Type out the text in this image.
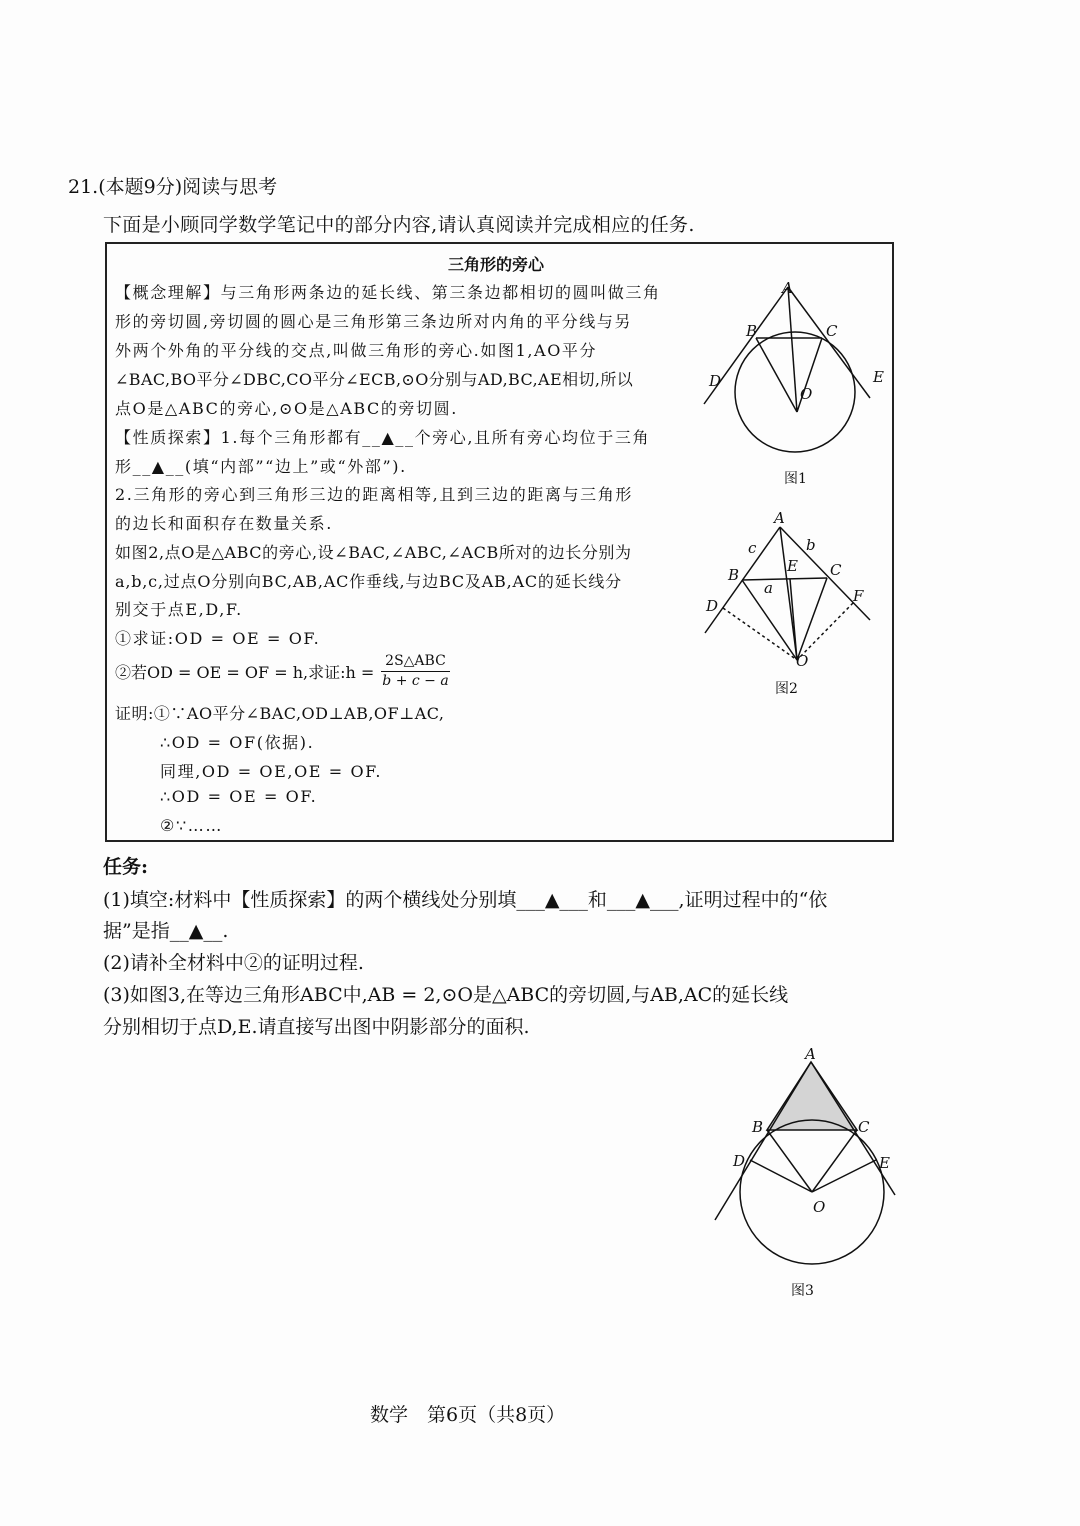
21.(本题9分)阅读与思考
下面是小顾同学数学笔记中的部分内容,请认真阅读并完成相应的任务.
三角形的旁心
【概念理解】与三角形两条边的延长线、第三条边都相切的圆叫做三角
形的旁切圆,旁切圆的圆心是三角形第三条边所对内角的平分线与另
外两个外角的平分线的交点,叫做三角形的旁心.如图1,AO平分
∠BAC,BO平分∠DBC,CO平分∠ECB,⊙O分别与AD,BC,AE相切,所以
点O是△ABC的旁心,⊙O是△ABC的旁切圆.
【性质探索】1.每个三角形都有__▲__个旁心,且所有旁心均位于三角
形__▲__(填“内部”“边上”或“外部”).
2.三角形的旁心到三角形三边的距离相等,且到三边的距离与三角形
的边长和面积存在数量关系.
如图2,点O是△ABC的旁心,设∠BAC,∠ABC,∠ACB所对的边长分别为
a,b,c,过点O分别向BC,AB,AC作垂线,与边BC及AB,AC的延长线分
别交于点E,D,F.
①求证:OD = OE = OF.
②若OD = OE = OF = h,求证:h = $\frac{\text{2S△ABC}}{b + c - a}$
证明:①∵AO平分∠BAC,OD⊥AB,OF⊥AC,
∴OD = OF(依据).
同理,OD = OE,OE = OF.
∴OD = OE = OF.
②∵……
任务:
(1)填空:材料中【性质探索】的两个横线处分别填___▲___和___▲___,证明过程中的“依
据”是指__▲__.
(2)请补全材料中②的证明过程.
(3)如图3,在等边三角形ABC中,AB = 2,⊙O是△ABC的旁切圆,与AB,AC的延长线
分别相切于点D,E.请直接写出图中阴影部分的面积.
A
B	C
D	E
O
图1
A
B	C
D
E
F
O
a
b
c
图2
A
B	C
D	E
O
图3
数学　第6页（共8页）
